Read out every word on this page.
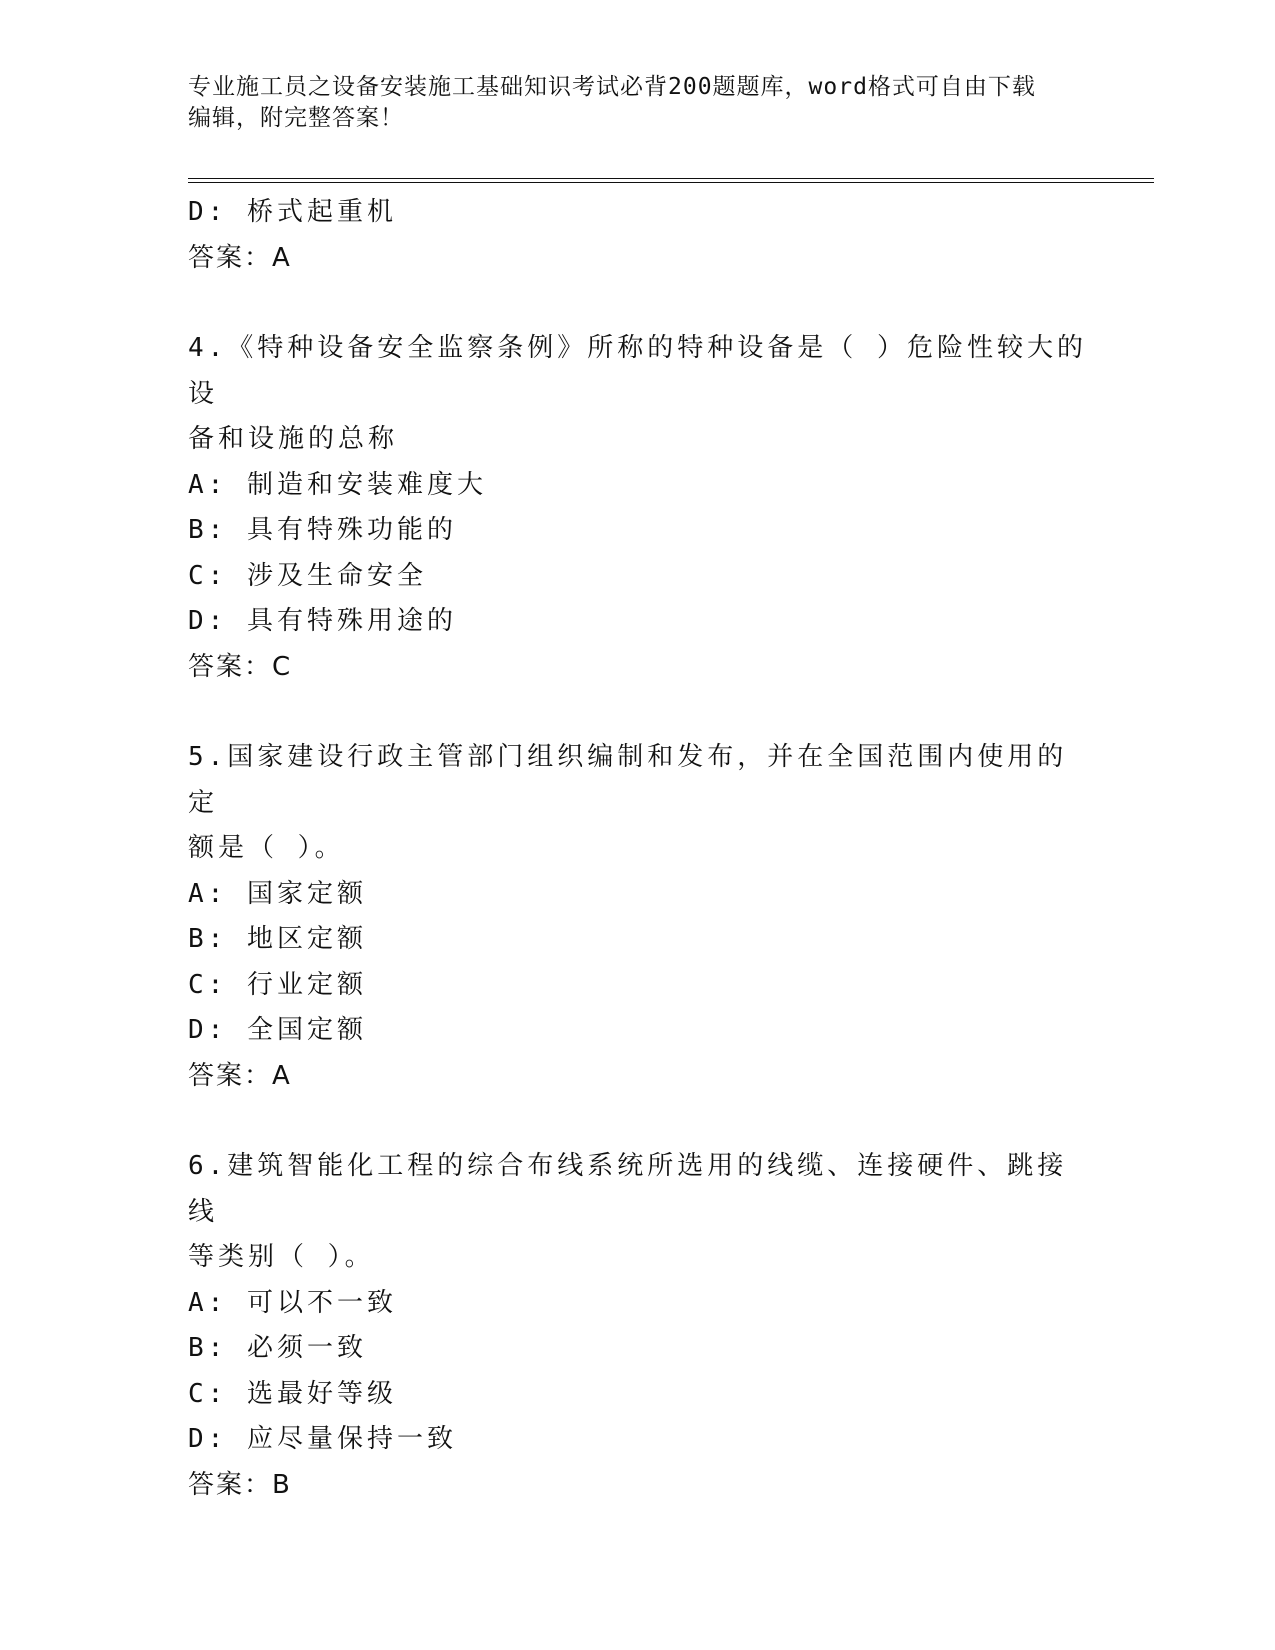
专业施工员之设备安装施工基础知识考试必背200题题库，word格式可自由下载
编辑，附完整答案！
D: 桥式起重机
答案：A
4.《特种设备安全监察条例》所称的特种设备是（ ）危险性较大的设
备和设施的总称
A: 制造和安装难度大
B: 具有特殊功能的
C: 涉及生命安全
D: 具有特殊用途的
答案：C
5.国家建设行政主管部门组织编制和发布，并在全国范围内使用的定
额是（ ）。
A: 国家定额
B: 地区定额
C: 行业定额
D: 全国定额
答案：A
6.建筑智能化工程的综合布线系统所选用的线缆、连接硬件、跳接线
等类别（ ）。
A: 可以不一致
B: 必须一致
C: 选最好等级
D: 应尽量保持一致
答案：B
